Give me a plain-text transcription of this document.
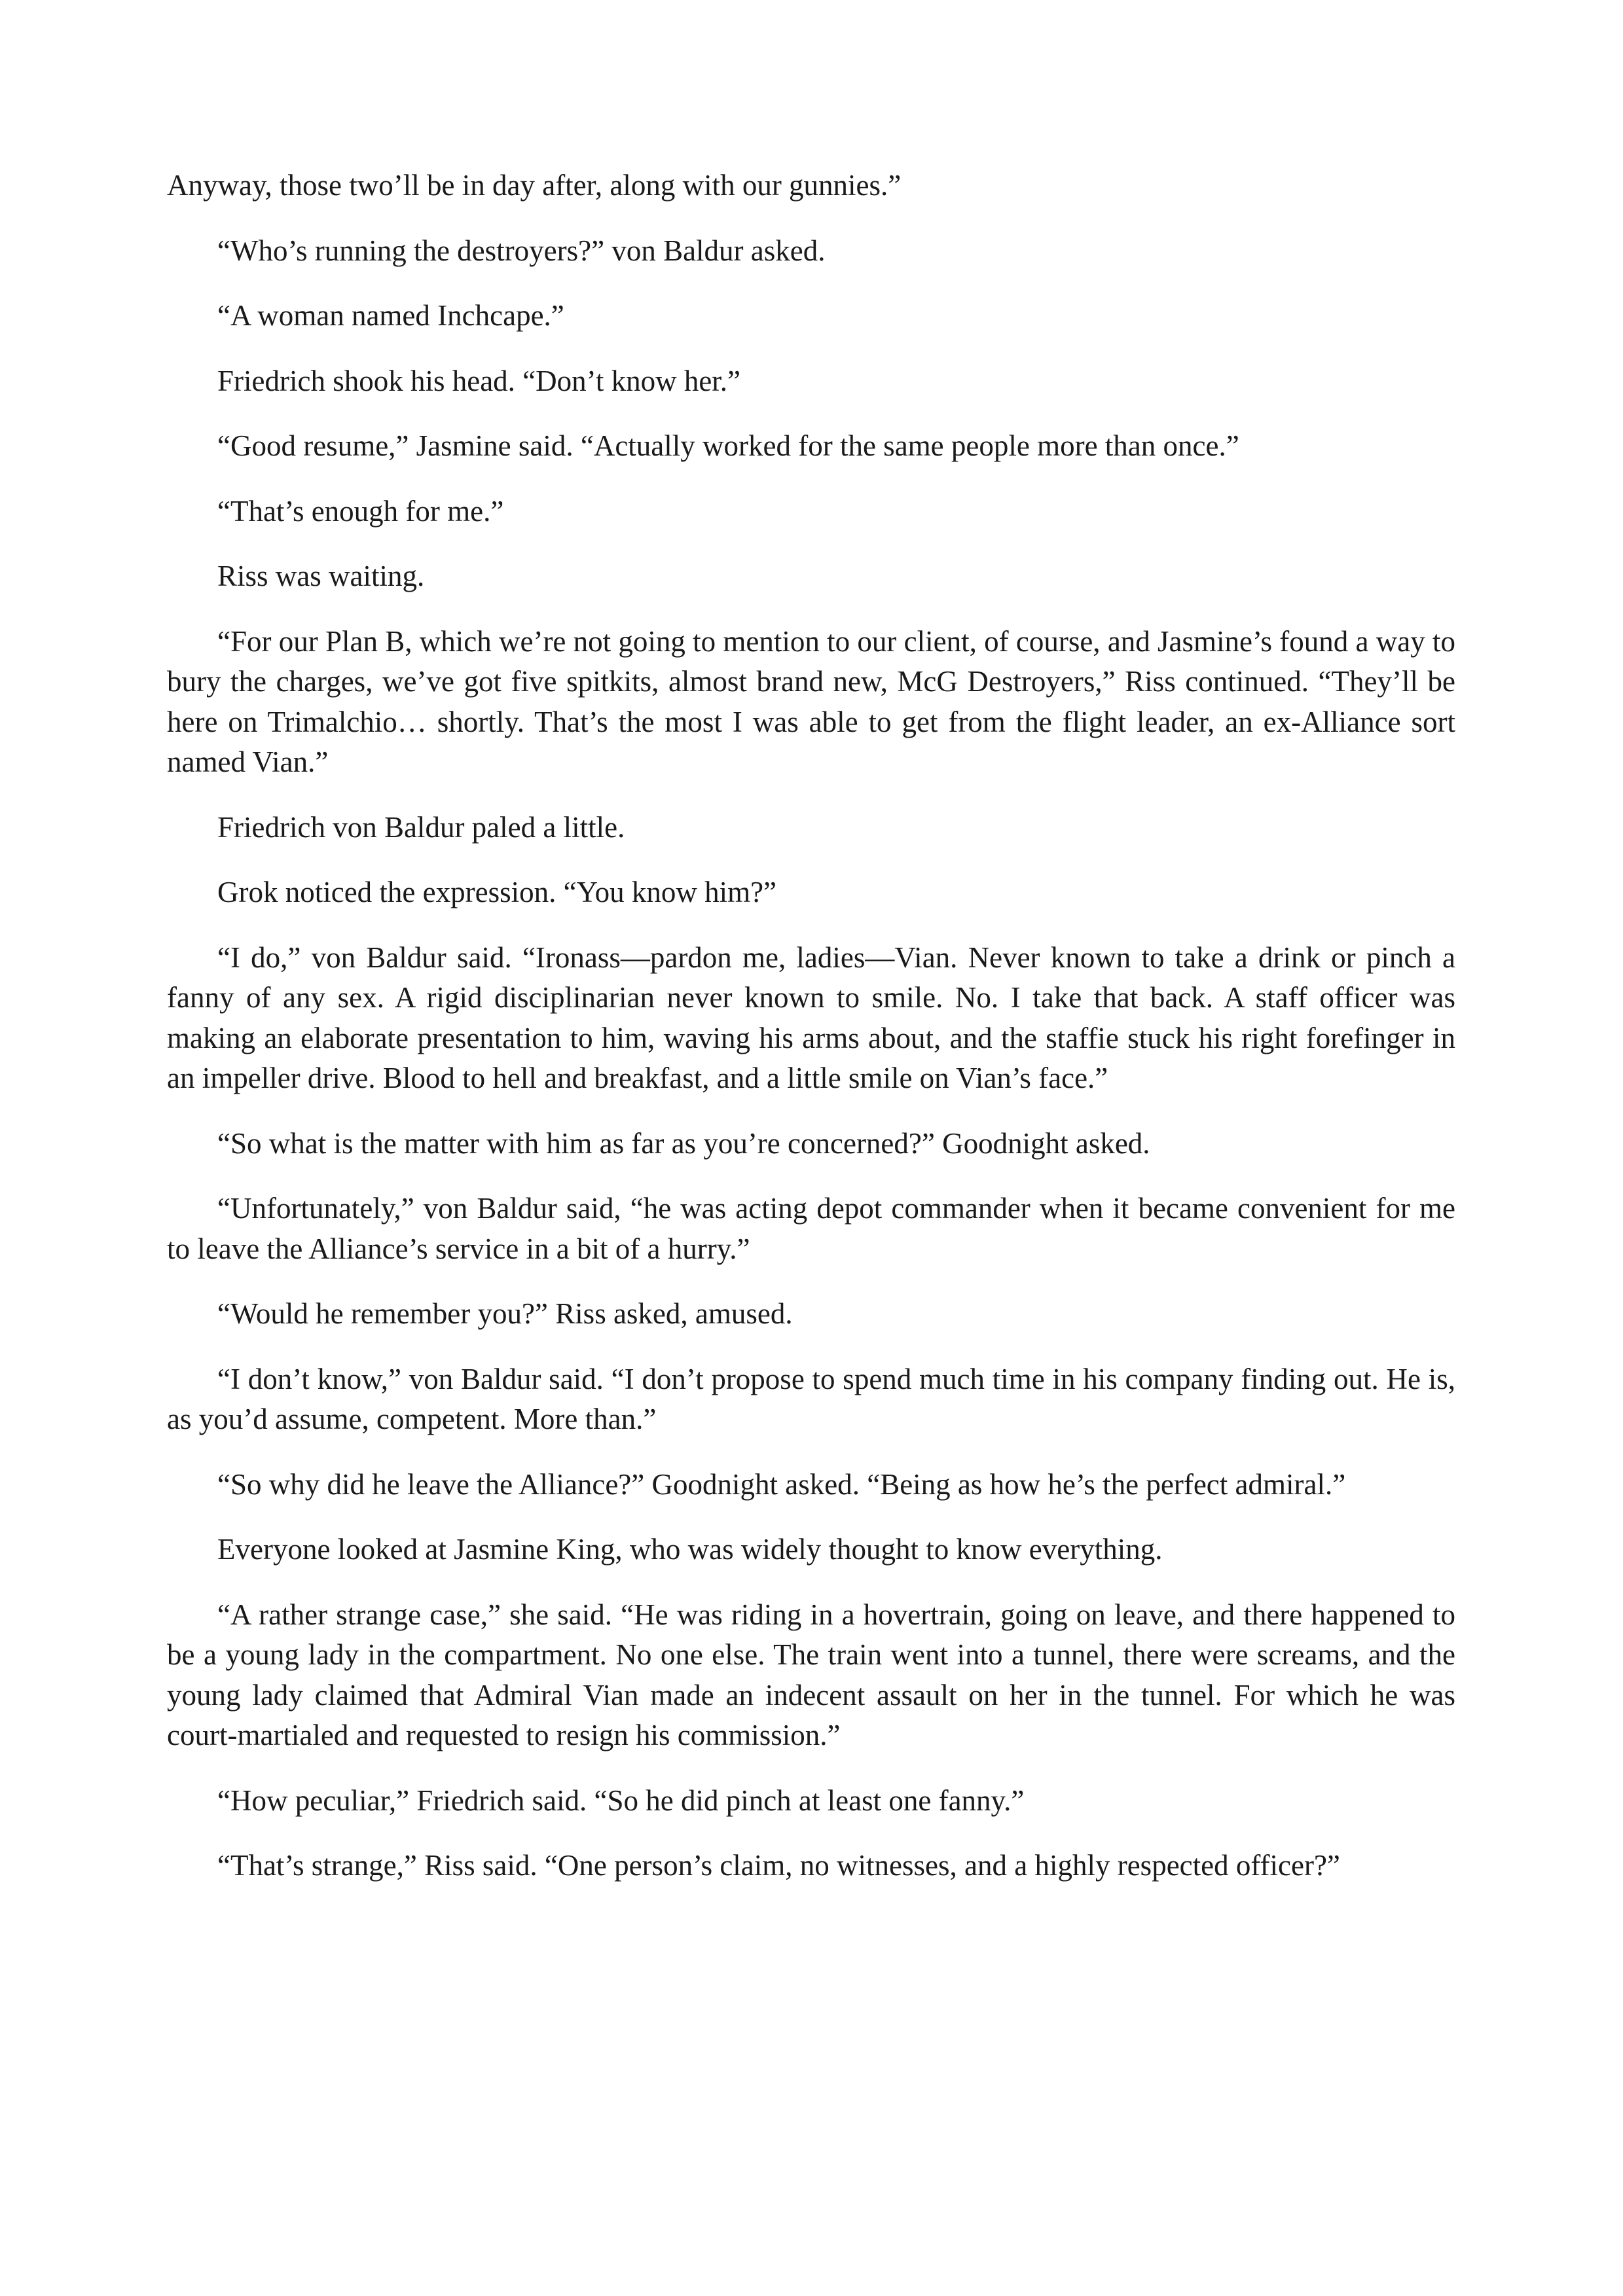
Anyway, those two’ll be in day after, along with our gunnies.”

“Who’s running the destroyers?” von Baldur asked.

“A woman named Inchcape.”

Friedrich shook his head. “Don’t know her.”

“Good resume,” Jasmine said. “Actually worked for the same people more than once.”

“That’s enough for me.”

Riss was waiting.

“For our Plan B, which we’re not going to mention to our client, of course, and Jasmine’s found a way to bury the charges, we’ve got five spitkits, almost brand new, McG Destroyers,” Riss continued. “They’ll be here on Trimalchio… shortly. That’s the most I was able to get from the flight leader, an ex-Alliance sort named Vian.”

Friedrich von Baldur paled a little.

Grok noticed the expression. “You know him?”

“I do,” von Baldur said. “Ironass—pardon me, ladies—Vian. Never known to take a drink or pinch a fanny of any sex. A rigid disciplinarian never known to smile. No. I take that back. A staff officer was making an elaborate presentation to him, waving his arms about, and the staffie stuck his right forefinger in an impeller drive. Blood to hell and breakfast, and a little smile on Vian’s face.”

“So what is the matter with him as far as you’re concerned?” Goodnight asked.

“Unfortunately,” von Baldur said, “he was acting depot commander when it became convenient for me to leave the Alliance’s service in a bit of a hurry.”

“Would he remember you?” Riss asked, amused.

“I don’t know,” von Baldur said. “I don’t propose to spend much time in his company finding out. He is, as you’d assume, competent. More than.”

“So why did he leave the Alliance?” Goodnight asked. “Being as how he’s the perfect admiral.”

Everyone looked at Jasmine King, who was widely thought to know everything.

“A rather strange case,” she said. “He was riding in a hovertrain, going on leave, and there happened to be a young lady in the compartment. No one else. The train went into a tunnel, there were screams, and the young lady claimed that Admiral Vian made an indecent assault on her in the tunnel. For which he was court-martialed and requested to resign his commission.”

“How peculiar,” Friedrich said. “So he did pinch at least one fanny.”

“That’s strange,” Riss said. “One person’s claim, no witnesses, and a highly respected officer?”
